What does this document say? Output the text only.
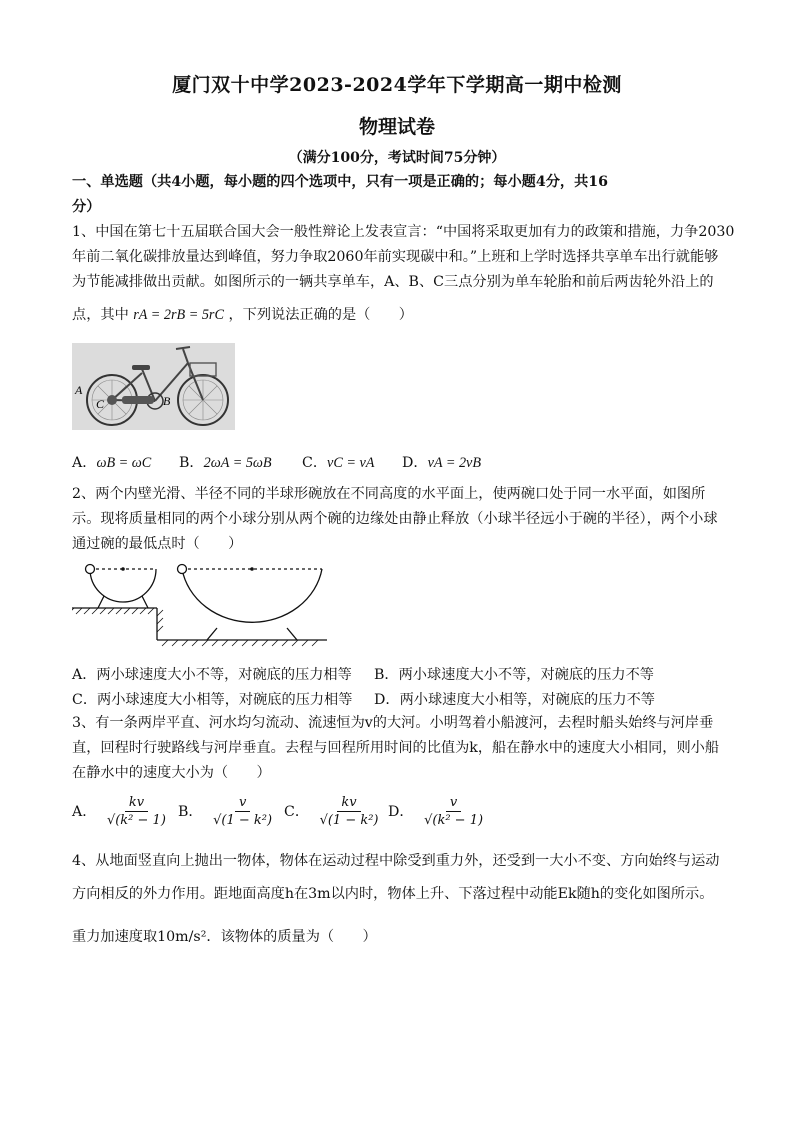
厦门双十中学2023-2024学年下学期高一期中检测
物理试卷
（满分100分，考试时间75分钟）
一、单选题（共4小题，每小题的四个选项中，只有一项是正确的；每小题4分，共16
分）
1、中国在第七十五届联合国大会一般性辩论上发表宣言：“中国将采取更加有力的政策和措施，力争2030
年前二氧化碳排放量达到峰值，努力争取2060年前实现碳中和。”上班和上学时选择共享单车出行就能够
为节能减排做出贡献。如图所示的一辆共享单车，A、B、C三点分别为单车轮胎和前后两齿轮外沿上的
点，其中 rA = 2rB = 5rC ，下列说法正确的是（　　）
A
C	B
A．ωB = ωC B．2ωA = 5ωB C．vC = vA D．vA = 2vB
2、两个内壁光滑、半径不同的半球形碗放在不同高度的水平面上，使两碗口处于同一水平面，如图所
示。现将质量相同的两个小球分别从两个碗的边缘处由静止释放（小球半径远小于碗的半径），两个小球
通过碗的最低点时（　　）
A．两小球速度大小不等，对碗底的压力相等 B．两小球速度大小不等，对碗底的压力不等
C．两小球速度大小相等，对碗底的压力相等 D．两小球速度大小相等，对碗底的压力不等
3、有一条两岸平直、河水均匀流动、流速恒为v的大河。小明驾着小船渡河，去程时船头始终与河岸垂
直，回程时行驶路线与河岸垂直。去程与回程所用时间的比值为k，船在静水中的速度大小相同，则小船
在静水中的速度大小为（　　）
A． $\frac{kv}{\text{√(k² − 1)}}$ B． $\frac{v}{\text{√(1 − k²)}}$ C． $\frac{kv}{\text{√(1 − k²)}}$ D． $\frac{v}{\text{√(k² − 1)}}$
4、从地面竖直向上抛出一物体，物体在运动过程中除受到重力外，还受到一大小不变、方向始终与运动
方向相反的外力作用。距地面高度h在3m以内时，物体上升、下落过程中动能Ek随h的变化如图所示。
重力加速度取10m/s²．该物体的质量为（　　）
